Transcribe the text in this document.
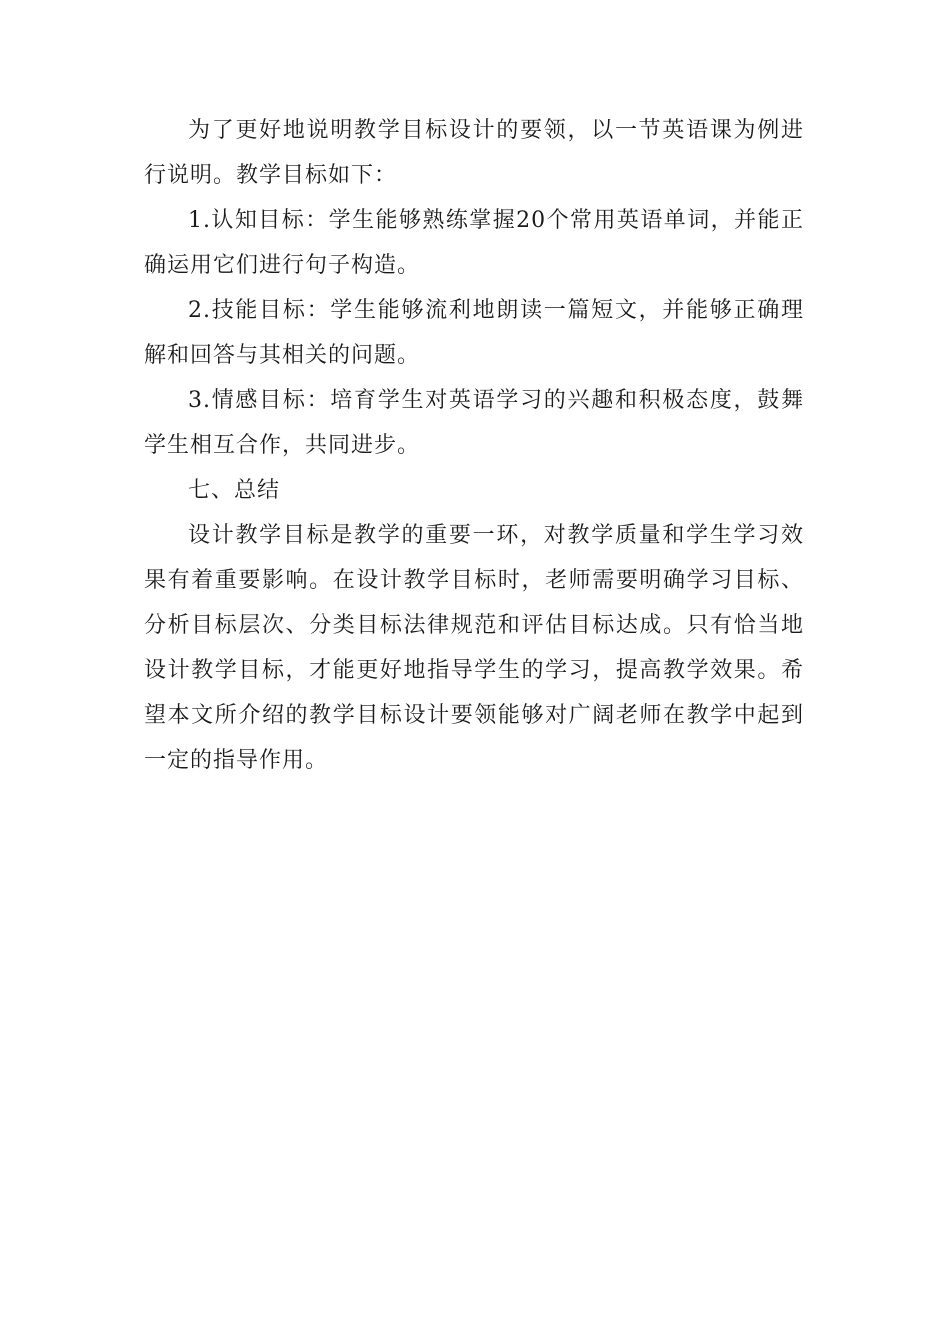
为了更好地说明教学目标设计的要领，以一节英语课为例进行说明。教学目标如下：

1.认知目标：学生能够熟练掌握20个常用英语单词，并能正确运用它们进行句子构造。

2.技能目标：学生能够流利地朗读一篇短文，并能够正确理解和回答与其相关的问题。

3.情感目标：培育学生对英语学习的兴趣和积极态度，鼓舞学生相互合作，共同进步。

七、总结

设计教学目标是教学的重要一环，对教学质量和学生学习效果有着重要影响。在设计教学目标时，老师需要明确学习目标、分析目标层次、分类目标法律规范和评估目标达成。只有恰当地设计教学目标，才能更好地指导学生的学习，提高教学效果。希望本文所介绍的教学目标设计要领能够对广阔老师在教学中起到一定的指导作用。
